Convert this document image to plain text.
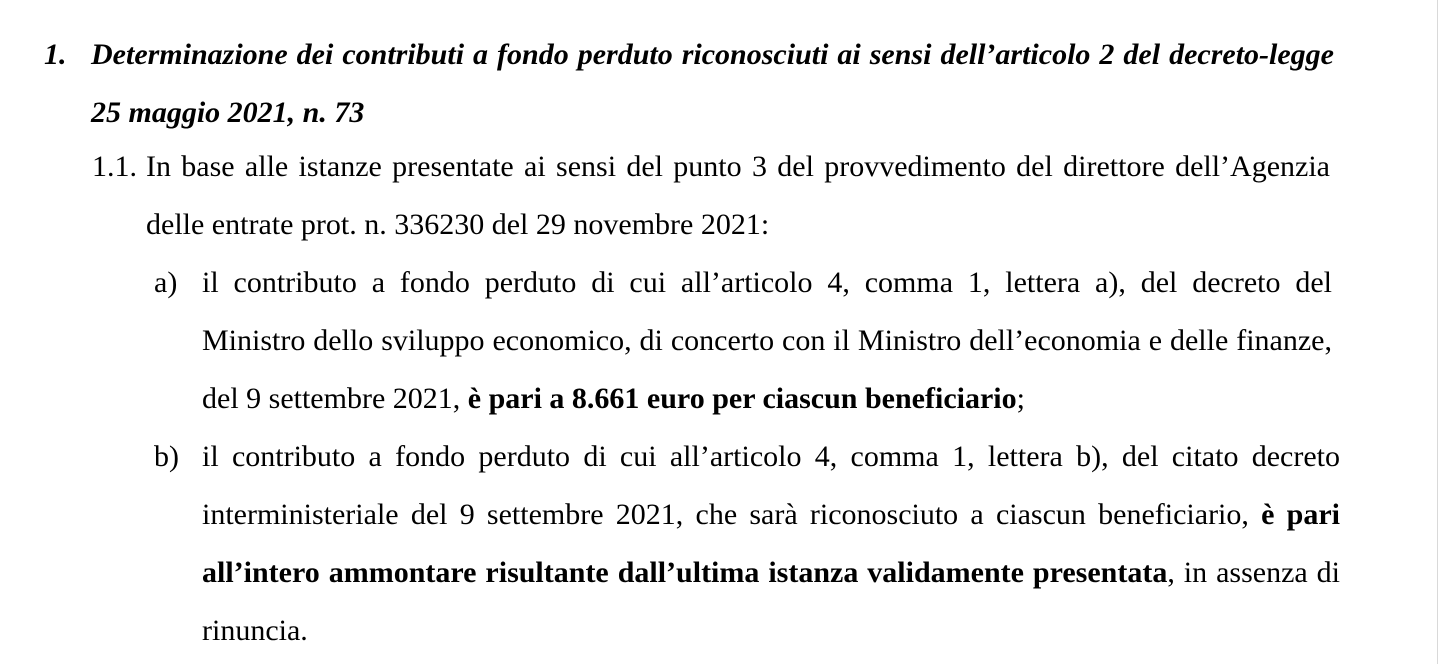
1. Determinazione dei contributi a fondo perduto riconosciuti ai sensi dell’articolo 2 del decreto-legge 25 maggio 2021, n. 73
1.1. In base alle istanze presentate ai sensi del punto 3 del provvedimento del direttore dell’Agenzia delle entrate prot. n. 336230 del 29 novembre 2021:
a) il contributo a fondo perduto di cui all’articolo 4, comma 1, lettera a), del decreto del Ministro dello sviluppo economico, di concerto con il Ministro dell’economia e delle finanze, del 9 settembre 2021, è pari a 8.661 euro per ciascun beneficiario;
b) il contributo a fondo perduto di cui all’articolo 4, comma 1, lettera b), del citato decreto interministeriale del 9 settembre 2021, che sarà riconosciuto a ciascun beneficiario, è pari all’intero ammontare risultante dall’ultima istanza validamente presentata, in assenza di rinuncia.
